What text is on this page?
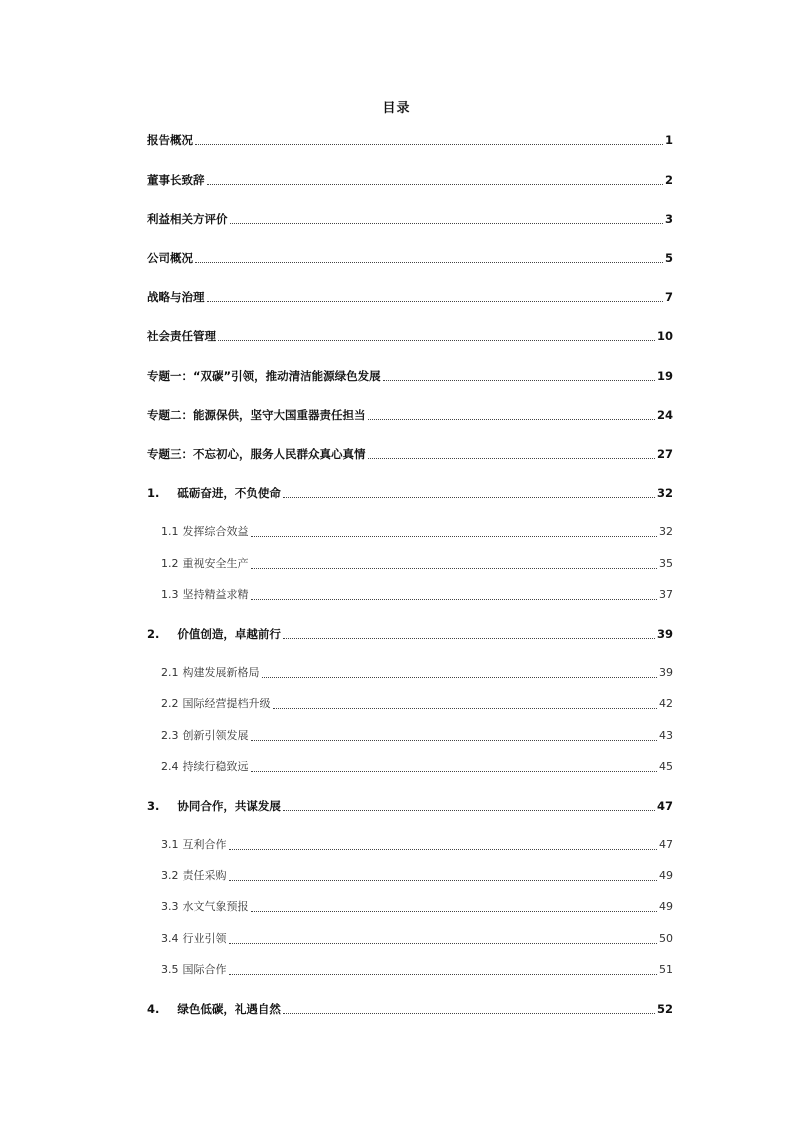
目录
报告概况	1
董事长致辞	2
利益相关方评价	3
公司概况	5
战略与治理	7
社会责任管理	10
专题一：“双碳”引领，推动清洁能源绿色发展	19
专题二：能源保供，坚守大国重器责任担当	24
专题三：不忘初心，服务人民群众真心真情	27
1. 砥砺奋进，不负使命	32
1.1 发挥综合效益	32
1.2 重视安全生产	35
1.3 坚持精益求精	37
2. 价值创造，卓越前行	39
2.1 构建发展新格局	39
2.2 国际经营提档升级	42
2.3 创新引领发展	43
2.4 持续行稳致远	45
3. 协同合作，共谋发展	47
3.1 互利合作	47
3.2 责任采购	49
3.3 水文气象预报	49
3.4 行业引领	50
3.5 国际合作	51
4. 绿色低碳，礼遇自然	52
